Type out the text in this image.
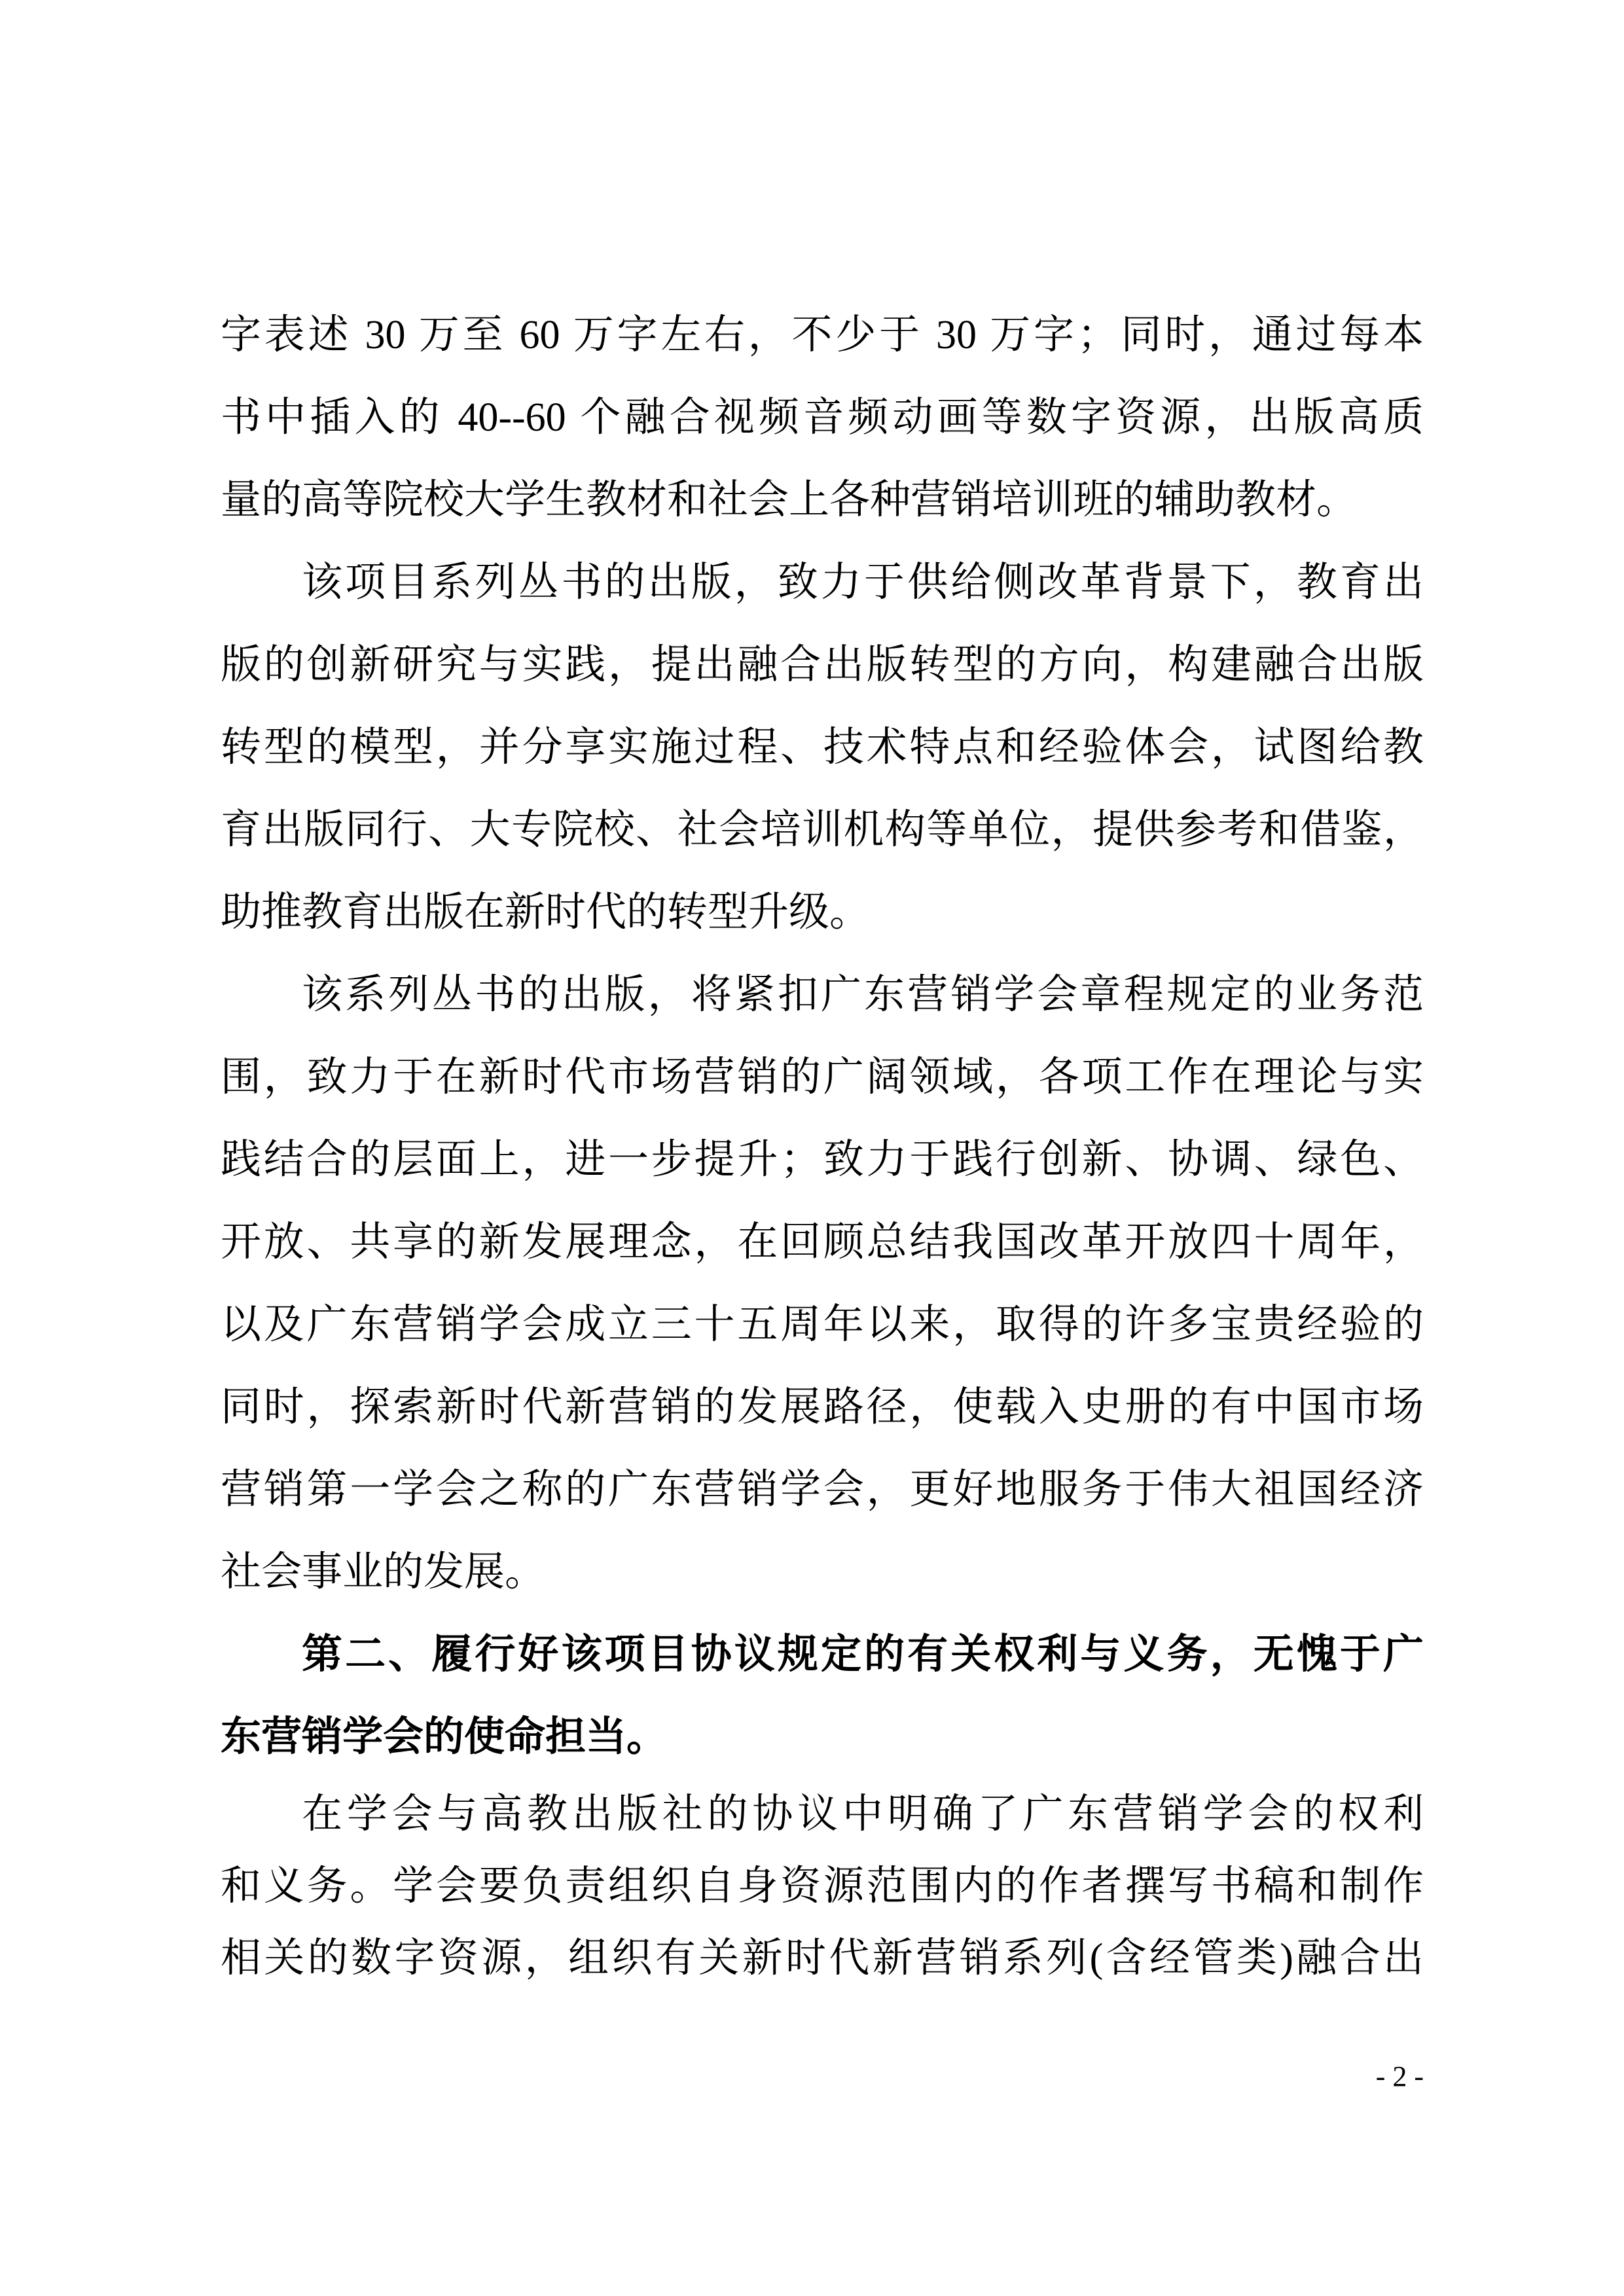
字表述 30 万至 60 万字左右，不少于 30 万字；同时，通过每本
书中插入的 40--60 个融合视频音频动画等数字资源，出版高质
量的高等院校大学生教材和社会上各种营销培训班的辅助教材。
该项目系列丛书的出版，致力于供给侧改革背景下，教育出
版的创新研究与实践，提出融合出版转型的方向，构建融合出版
转型的模型，并分享实施过程、技术特点和经验体会，试图给教
育出版同行、大专院校、社会培训机构等单位，提供参考和借鉴，
助推教育出版在新时代的转型升级。
该系列丛书的出版，将紧扣广东营销学会章程规定的业务范
围，致力于在新时代市场营销的广阔领域，各项工作在理论与实
践结合的层面上，进一步提升；致力于践行创新、协调、绿色、
开放、共享的新发展理念，在回顾总结我国改革开放四十周年，
以及广东营销学会成立三十五周年以来，取得的许多宝贵经验的
同时，探索新时代新营销的发展路径，使载入史册的有中国市场
营销第一学会之称的广东营销学会，更好地服务于伟大祖国经济
社会事业的发展。
第二、履行好该项目协议规定的有关权利与义务，无愧于广
东营销学会的使命担当。
在学会与高教出版社的协议中明确了广东营销学会的权利
和义务。学会要负责组织自身资源范围内的作者撰写书稿和制作
相关的数字资源，组织有关新时代新营销系列(含经管类)融合出
- 2 -
